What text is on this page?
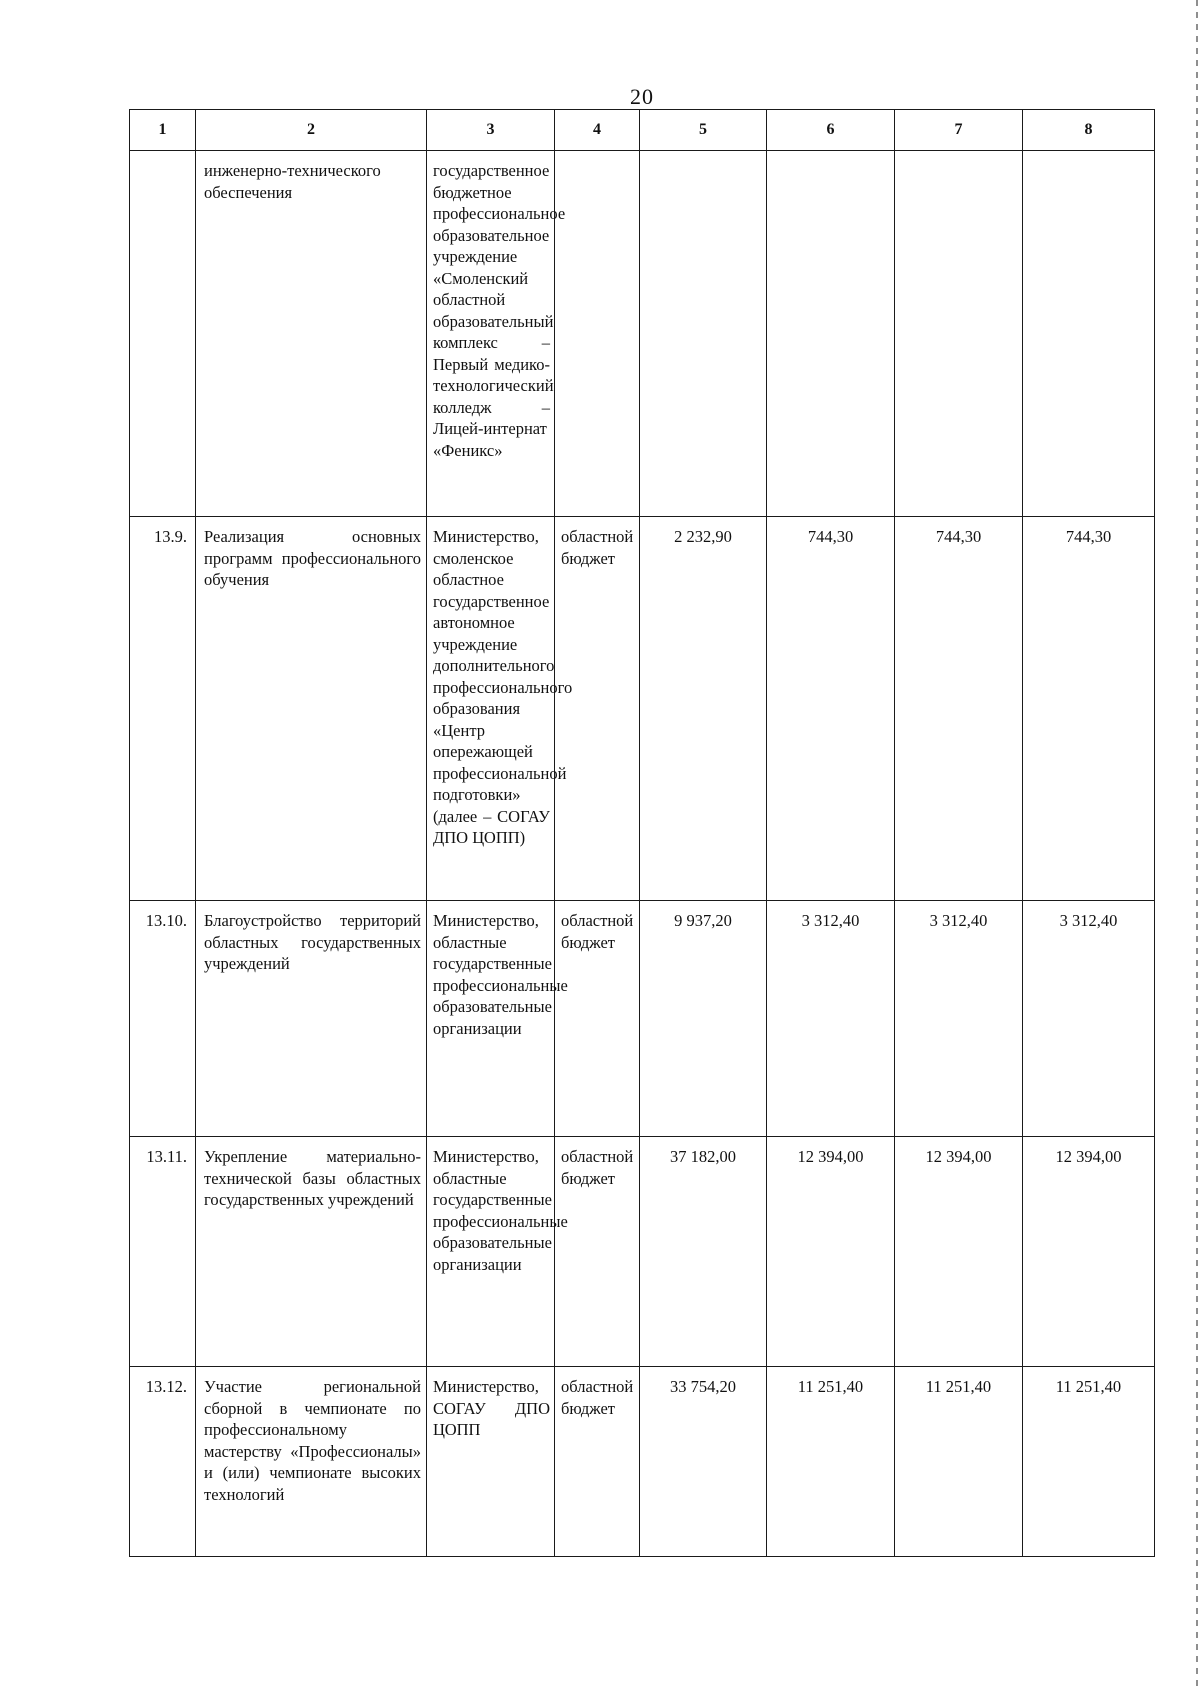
20
1	2	3	4	5	6	7	8
	инженерно-технического обеспечения	государственное бюджетное профессиональное образовательное учреждение «Смоленский областной образовательный комплекс – Первый медико-технологический колледж – Лицей-интернат «Феникс»					
13.9.	Реализация основных программ профессионального обучения	Министерство, смоленское областное государственное автономное учреждение дополнительного профессионального образования «Центр опережающей профессиональной подготовки» (далее – СОГАУ ДПО ЦОПП)	областной бюджет	2 232,90	744,30	744,30	744,30
13.10.	Благоустройство территорий областных государственных учреждений	Министерство, областные государственные профессиональные образовательные организации	областной бюджет	9 937,20	3 312,40	3 312,40	3 312,40
13.11.	Укрепление материально-технической базы областных государственных учреждений	Министерство, областные государственные профессиональные образовательные организации	областной бюджет	37 182,00	12 394,00	12 394,00	12 394,00
13.12.	Участие региональной сборной в чемпионате по профессиональному мастерству «Профессионалы» и (или) чемпионате высоких технологий	Министерство, СОГАУ ДПО ЦОПП	областной бюджет	33 754,20	11 251,40	11 251,40	11 251,40
